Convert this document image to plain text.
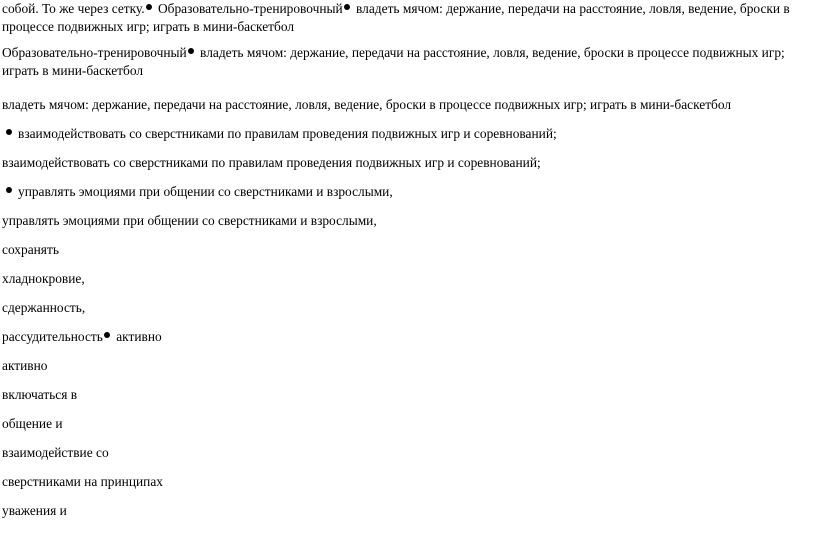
собой. То же через сетку. Образовательно-тренировочный владеть мячом: держание, передачи на расстояние, ловля, ведение, броски в процессе подвижных игр; играть в мини-баскетбол

Образовательно-тренировочный владеть мячом: держание, передачи на расстояние, ловля, ведение, броски в процессе подвижных игр; играть в мини-баскетбол

владеть мячом: держание, передачи на расстояние, ловля, ведение, броски в процессе подвижных игр; играть в мини-баскетбол

взаимодействовать со сверстниками по правилам проведения подвижных игр и соревнований;

взаимодействовать со сверстниками по правилам проведения подвижных игр и соревнований;

управлять эмоциями при общении со сверстниками и взрослыми,

управлять эмоциями при общении со сверстниками и взрослыми,

сохранять

хладнокровие,

сдержанность,

рассудительность активно

активно

включаться в

общение и

взаимодействие со

сверстниками на принципах

уважения и
